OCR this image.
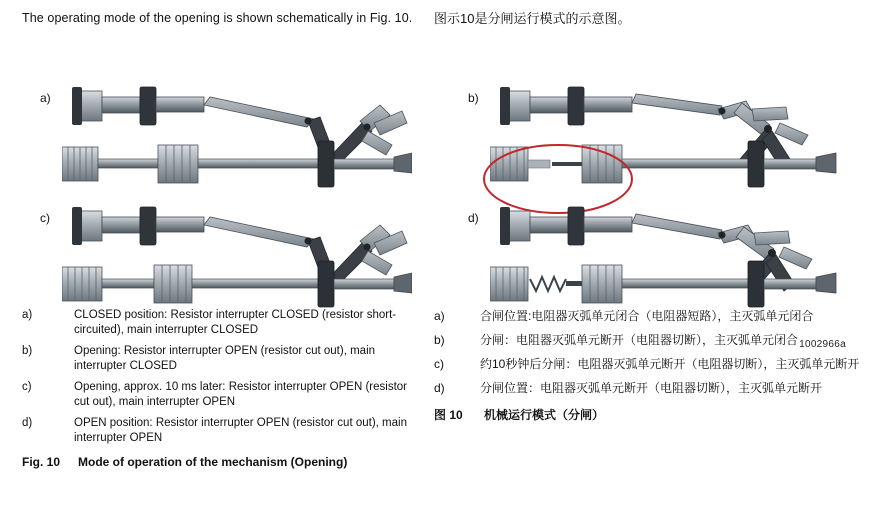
The operating mode of the opening is shown schematically in Fig. 10.
a)
c)
a)	CLOSED position: Resistor interrupter CLOSED (resistor short-circuited), main interrupter CLOSED
b)	Opening: Resistor interrupter OPEN (resistor cut out), main interrupter CLOSED
c)	Opening, approx. 10 ms later: Resistor interrupter OPEN (resistor cut out), main interrupter OPEN
d)	OPEN position: Resistor interrupter OPEN (resistor cut out), main interrupter OPEN
Fig. 10 Mode of operation of the mechanism (Opening)
图示10是分闸运行模式的示意图。
b)
d)
1002966a
a)	合闸位置:电阻器灭弧单元闭合（电阻器短路），主灭弧单元闭合
b)	分闸：电阻器灭弧单元断开（电阻器切断），主灭弧单元闭合
c)	约10秒钟后分闸：电阻器灭弧单元断开（电阻器切断），主灭弧单元断开
d)	分闸位置：电阻器灭弧单元断开（电阻器切断），主灭弧单元断开
图 10 机械运行模式（分闸）
